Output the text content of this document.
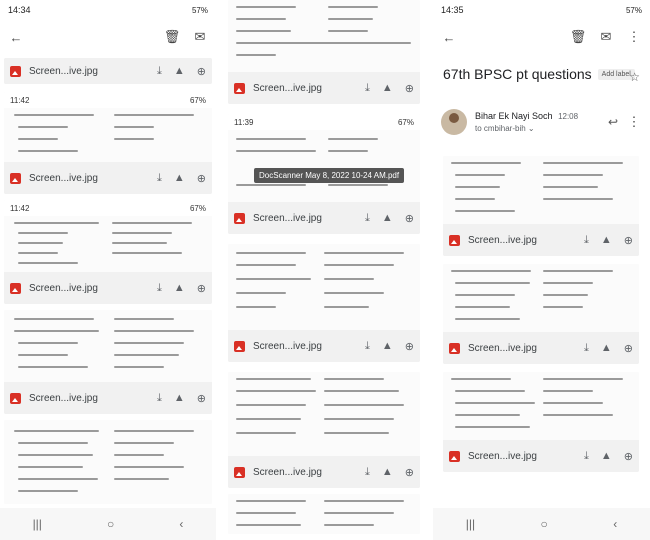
14:34	57%
←	🗑 ✉
Screen...ive.jpg	⤓ ▲ ⊕
11:42	67%
Screen...ive.jpg	⤓ ▲ ⊕
11:42	67%
Screen...ive.jpg	⤓ ▲ ⊕
Screen...ive.jpg	⤓ ▲ ⊕
|||	○	‹
Screen...ive.jpg	⤓ ▲ ⊕
11:39	67%
DocScanner May 8, 2022 10-24 AM.pdf
Screen...ive.jpg	⤓ ▲ ⊕
Screen...ive.jpg	⤓ ▲ ⊕
Screen...ive.jpg	⤓ ▲ ⊕
14:35	57%
←	🗑 ✉ ⋮
67th BPSC pt questions	Add label
☆
Bihar Ek Nayi Soch 12:08
to cmbihar-bih ⌄	↩ ⋮
Screen...ive.jpg	⤓ ▲ ⊕
Screen...ive.jpg	⤓ ▲ ⊕
Screen...ive.jpg	⤓ ▲ ⊕
|||	○	‹
